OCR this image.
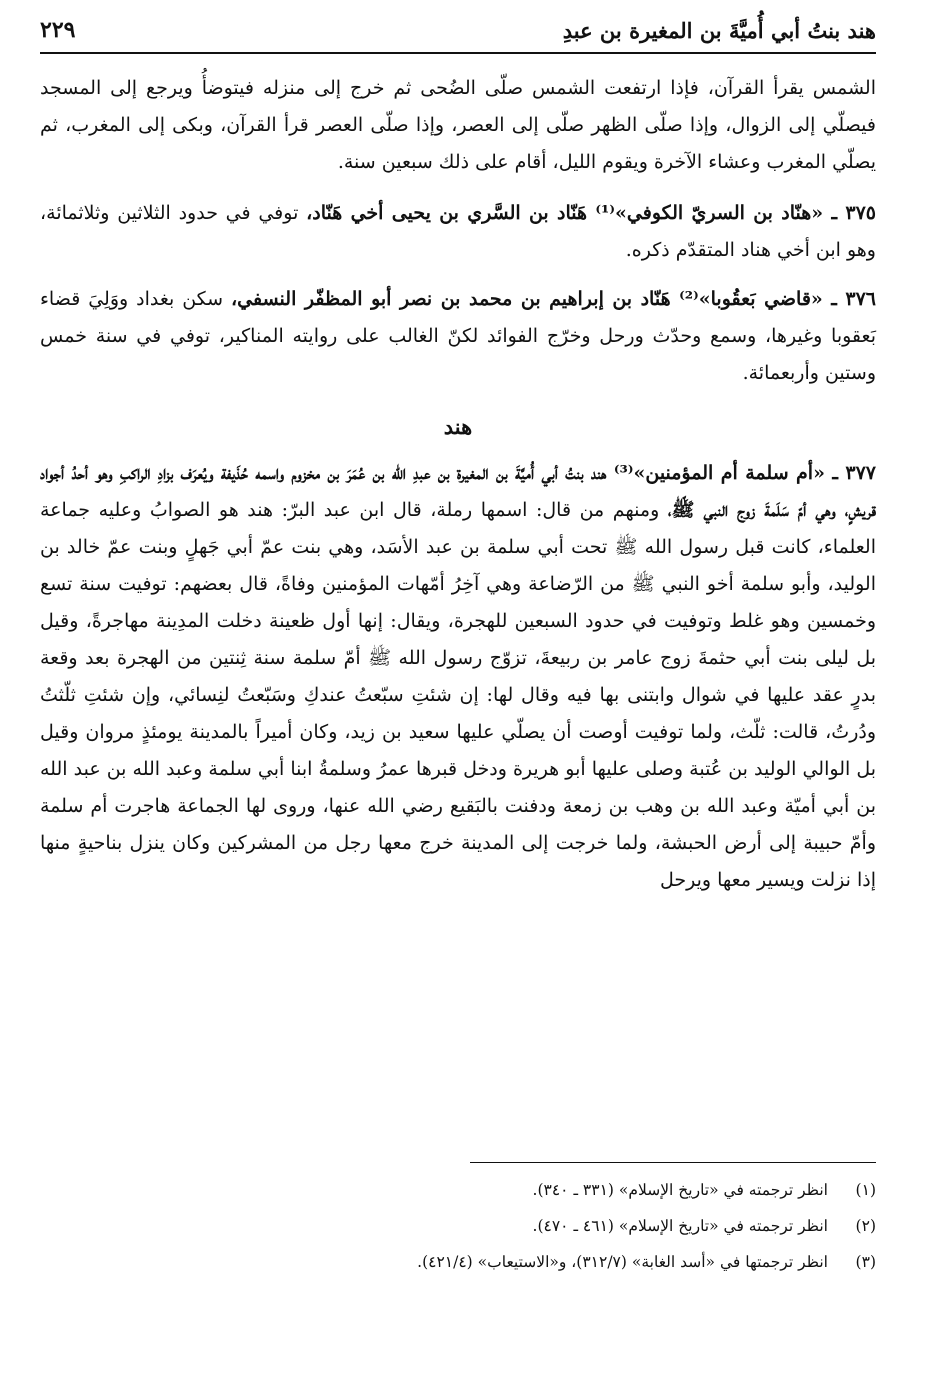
هند بنتُ أبي أُميَّةَ بن المغيرة بن عبدِ
٢٢٩

الشمس يقرأ القرآن، فإذا ارتفعت الشمس صلّى الضُحى ثم خرج إلى منزله فيتوضأُ ويرجع إلى المسجد فيصلّي إلى الزوال، وإذا صلّى الظهر صلّى إلى العصر، وإذا صلّى العصر قرأ القرآن، وبكى إلى المغرب، ثم يصلّي المغرب وعشاء الآخرة ويقوم الليل، أقام على ذلك سبعين سنة.

٣٧٥ ـ «هنّاد بن السريّ الكوفي»⁽¹⁾ هَنّاد بن السَّري بن يحيى أخي هَنّاد، توفي في حدود الثلاثين وثلاثمائة، وهو ابن أخي هناد المتقدّم ذكره.

٣٧٦ ـ «قاضي بَعقُوبا»⁽²⁾ هَنّاد بن إبراهيم بن محمد بن نصر أبو المظفّر النسفي، سكن بغداد ووَلِيَ قضاء بَعقوبا وغيرها، وسمع وحدّث ورحل وخرّج الفوائد لكنّ الغالب على روايته المناكير، توفي في سنة خمس وستين وأربعمائة.

هند

٣٧٧ ـ «أم سلمة أم المؤمنين»⁽³⁾ هند بنتُ أبي أُميَّةَ بن المغيرة بن عبدِ الله بن عُمَرَ بن مخزوم واسمه حُذَيفة ويُعرَف بزادِ الراكبِ وهو أحدُ أجواد قريشٍ، وهي أمّ سَلَمةَ زوج النبي ﷺ، ومنهم من قال: اسمها رملة، قال ابن عبد البرّ: هند هو الصوابُ وعليه جماعة العلماء، كانت قبل رسول الله ﷺ تحت أبي سلمة بن عبد الأسَد، وهي بنت عمّ أبي جَهلٍ وبنت عمّ خالد بن الوليد، وأبو سلمة أخو النبي ﷺ من الرّضاعة وهي آخِرُ أمّهات المؤمنين وفاةً، قال بعضهم: توفيت سنة تسع وخمسين وهو غلط وتوفيت في حدود السبعين للهجرة، ويقال: إنها أول ظعينة دخلت المدِينة مهاجرةً، وقيل بل ليلى بنت أبي حثمةَ زوج عامر بن ربيعةَ، تزوّج رسول الله ﷺ أمّ سلمة سنة ثِنتين من الهجرة بعد وقعة بدرٍ عقد عليها في شوال وابتنى بها فيه وقال لها: إن شئتِ سبّعتُ عندكِ وسَبّعتُ لنِسائي، وإن شئتِ ثلّثتُ ودُرتُ، قالت: ثلّث، ولما توفيت أوصت أن يصلّي عليها سعيد بن زيد، وكان أميراً بالمدينة يومئذٍ مروان وقيل بل الوالي الوليد بن عُتبة وصلى عليها أبو هريرة ودخل قبرها عمرُ وسلمةُ ابنا أبي سلمة وعبد الله بن عبد الله بن أبي أميّة وعبد الله بن وهب بن زمعة ودفنت بالبَقيع رضي الله عنها، وروى لها الجماعة هاجرت أم سلمة وأمّ حبيبة إلى أرض الحبشة، ولما خرجت إلى المدينة خرج معها رجل من المشركين وكان ينزل بناحيةٍ منها إذا نزلت ويسير معها ويرحل

(١)
انظر ترجمته في «تاريخ الإسلام» (٣٣١ ـ ٣٤٠).
(٢)
انظر ترجمته في «تاريخ الإسلام» (٤٦١ ـ ٤٧٠).
(٣)
انظر ترجمتها في «أسد الغابة» (٣١٢/٧)، و«الاستيعاب» (٤٢١/٤).
